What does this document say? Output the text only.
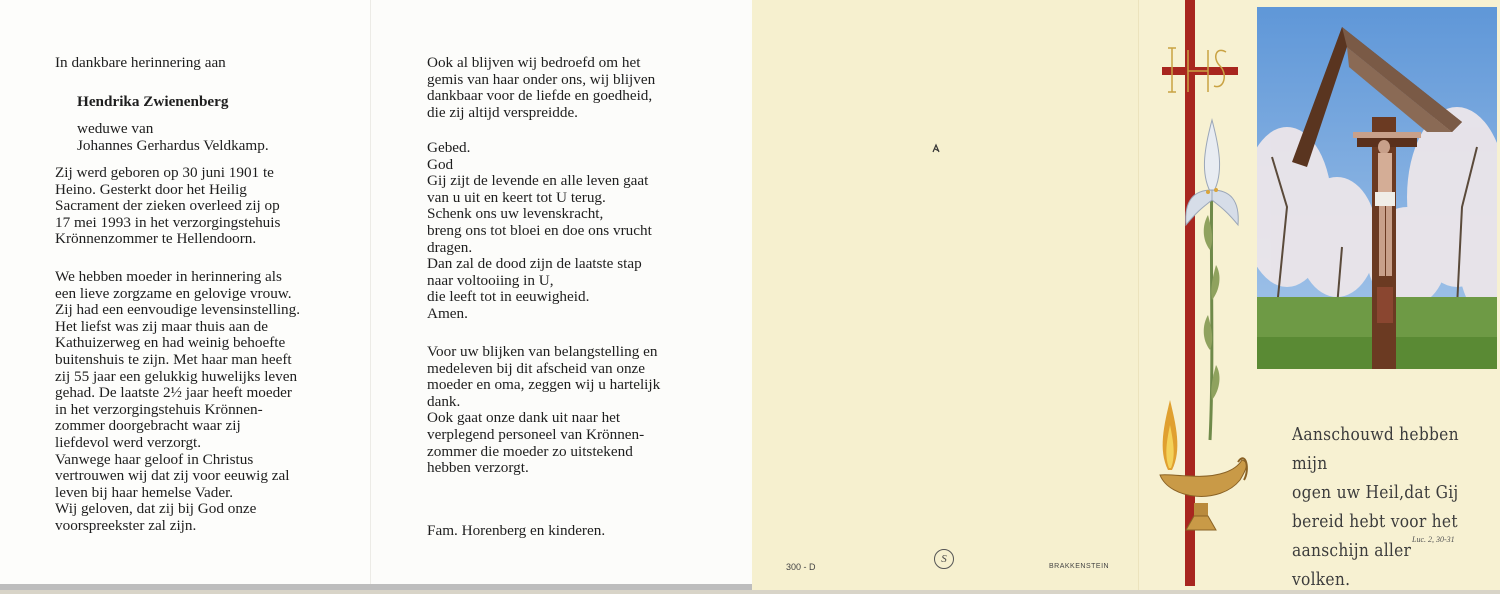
In dankbare herinnering aan
Hendrika Zwienenberg
weduwe van
Johannes Gerhardus Veldkamp.
Zij werd geboren op 30 juni 1901 te
Heino. Gesterkt door het Heilig
Sacrament der zieken overleed zij op
17 mei 1993 in het verzorgingstehuis
Krönnenzommer te Hellendoorn.
We hebben moeder in herinnering als
een lieve zorgzame en gelovige vrouw.
Zij had een eenvoudige levensinstelling.
Het liefst was zij maar thuis aan de
Kathuizerweg en had weinig behoefte
buitenshuis te zijn. Met haar man heeft
zij 55 jaar een gelukkig huwelijks leven
gehad. De laatste 2½ jaar heeft moeder
in het verzorgingstehuis Krönnen-
zommer doorgebracht waar zij
liefdevol werd verzorgt.
Vanwege haar geloof in Christus
vertrouwen wij dat zij voor eeuwig zal
leven bij haar hemelse Vader.
Wij geloven, dat zij bij God onze
voorspreekster zal zijn.
Ook al blijven wij bedroefd om het
gemis van haar onder ons, wij blijven
dankbaar voor de liefde en goedheid,
die zij altijd verspreidde.
Gebed.
God
Gij zijt de levende en alle leven gaat
van u uit en keert tot U terug.
Schenk ons uw levenskracht,
breng ons tot bloei en doe ons vrucht
dragen.
Dan zal de dood zijn de laatste stap
naar voltooiing in U,
die leeft tot in eeuwigheid.
Amen.
Voor uw blijken van belangstelling en
medeleven bij dit afscheid van onze
moeder en oma, zeggen wij u hartelijk
dank.
Ook gaat onze dank uit naar het
verplegend personeel van Krönnen-
zommer die moeder zo uitstekend
hebben verzorgt.
Fam. Horenberg en kinderen.
300 - D
S
BRAKKENSTEIN
Aanschouwd hebben mijn
ogen uw Heil,dat Gij
bereid hebt voor het
aanschijn aller volken.
Luc. 2, 30-31
